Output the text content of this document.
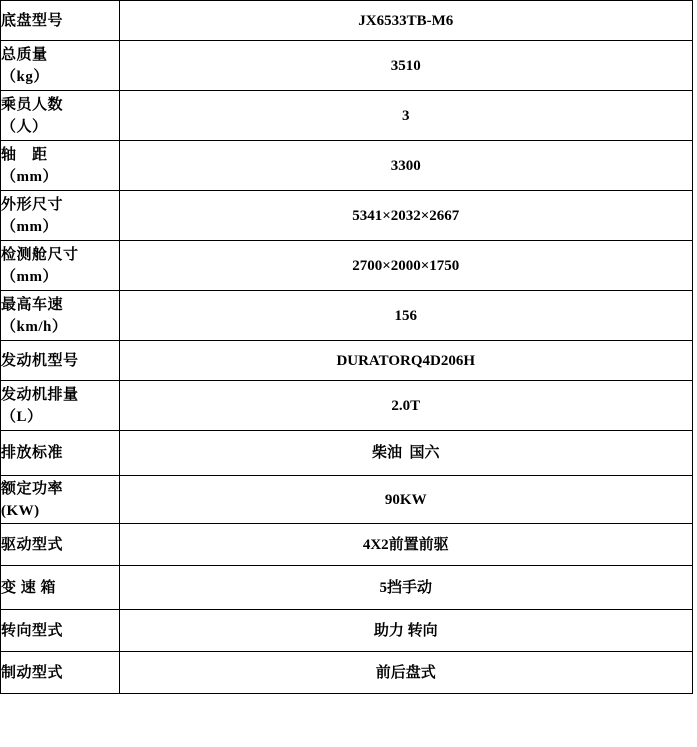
底盘型号	JX6533TB-M6

总质量
（kg）	3510

乘员人数
（人）	3

轴　距
（mm）	3300

外形尺寸
（mm）	5341×2032×2667

检测舱尺寸
（mm）	2700×2000×1750

最高车速
（km/h）	156

发动机型号	DURATORQ4D206H

发动机排量
（L）	2.0T

排放标准	柴油  国六

额定功率
(KW)	90KW

驱动型式	4X2前置前驱

变 速 箱	5挡手动

转向型式	助力 转向

制动型式	前后盘式
